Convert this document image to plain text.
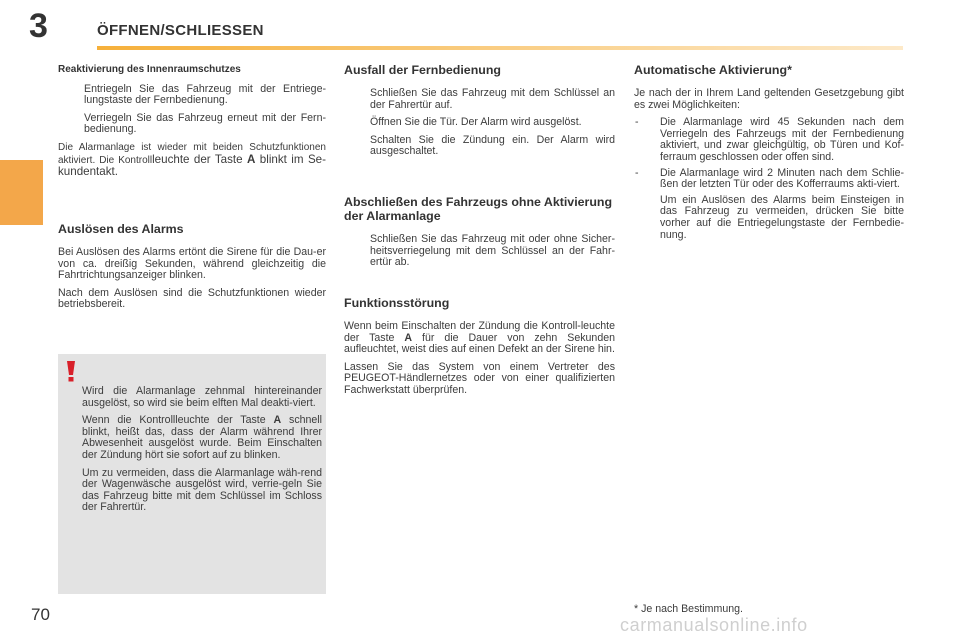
3	ÖFFNEN/SCHLIESSEN
Reaktivierung des Innenraumschutzes

Entriegeln Sie das Fahrzeug mit der Entriege-lungstaste der Fernbedienung.

Verriegeln Sie das Fahrzeug erneut mit der Fern-bedienung.

Die Alarmanlage ist wieder mit beiden Schutzfunktionen aktiviert. Die Kontrollleuchte der Taste A blinkt im Se-kundentakt.

Auslösen des Alarms

Bei Auslösen des Alarms ertönt die Sirene für die Dau-er von ca. dreißig Sekunden, während gleichzeitig die Fahrtrichtungsanzeiger blinken.

Nach dem Auslösen sind die Schutzfunktionen wieder betriebsbereit.

Wird die Alarmanlage zehnmal hintereinander ausgelöst, so wird sie beim elften Mal deakti-viert.

Wenn die Kontrollleuchte der Taste A schnell blinkt, heißt das, dass der Alarm während Ihrer Abwesenheit ausgelöst wurde. Beim Einschalten der Zündung hört sie sofort auf zu blinken.

Um zu vermeiden, dass die Alarmanlage wäh-rend der Wagenwäsche ausgelöst wird, verrie-geln Sie das Fahrzeug bitte mit dem Schlüssel im Schloss der Fahrertür.

Ausfall der Fernbedienung

Schließen Sie das Fahrzeug mit dem Schlüssel an der Fahrertür auf.

Öffnen Sie die Tür. Der Alarm wird ausgelöst.

Schalten Sie die Zündung ein. Der Alarm wird ausgeschaltet.

Abschließen des Fahrzeugs ohne Aktivierung der Alarmanlage

Schließen Sie das Fahrzeug mit oder ohne Sicher-heitsverriegelung mit dem Schlüssel an der Fahr-ertür ab.

Funktionsstörung

Wenn beim Einschalten der Zündung die Kontroll-leuchte der Taste A für die Dauer von zehn Sekunden aufleuchtet, weist dies auf einen Defekt an der Sirene hin.

Lassen Sie das System von einem Vertreter des PEUGEOT-Händlernetzes oder von einer qualifizierten Fachwerkstatt überprüfen.

Automatische Aktivierung*

Je nach der in Ihrem Land geltenden Gesetzgebung gibt es zwei Möglichkeiten:

- Die Alarmanlage wird 45 Sekunden nach dem Verriegeln des Fahrzeugs mit der Fernbedienung aktiviert, und zwar gleichgültig, ob Türen und Kof-ferraum geschlossen oder offen sind.

- Die Alarmanlage wird 2 Minuten nach dem Schlie-ßen der letzten Tür oder des Kofferraums akti-viert.

Um ein Auslösen des Alarms beim Einsteigen in das Fahrzeug zu vermeiden, drücken Sie bitte vorher auf die Entriegelungstaste der Fernbedie-nung.

* Je nach Bestimmung.
70
carmanualsonline.info
